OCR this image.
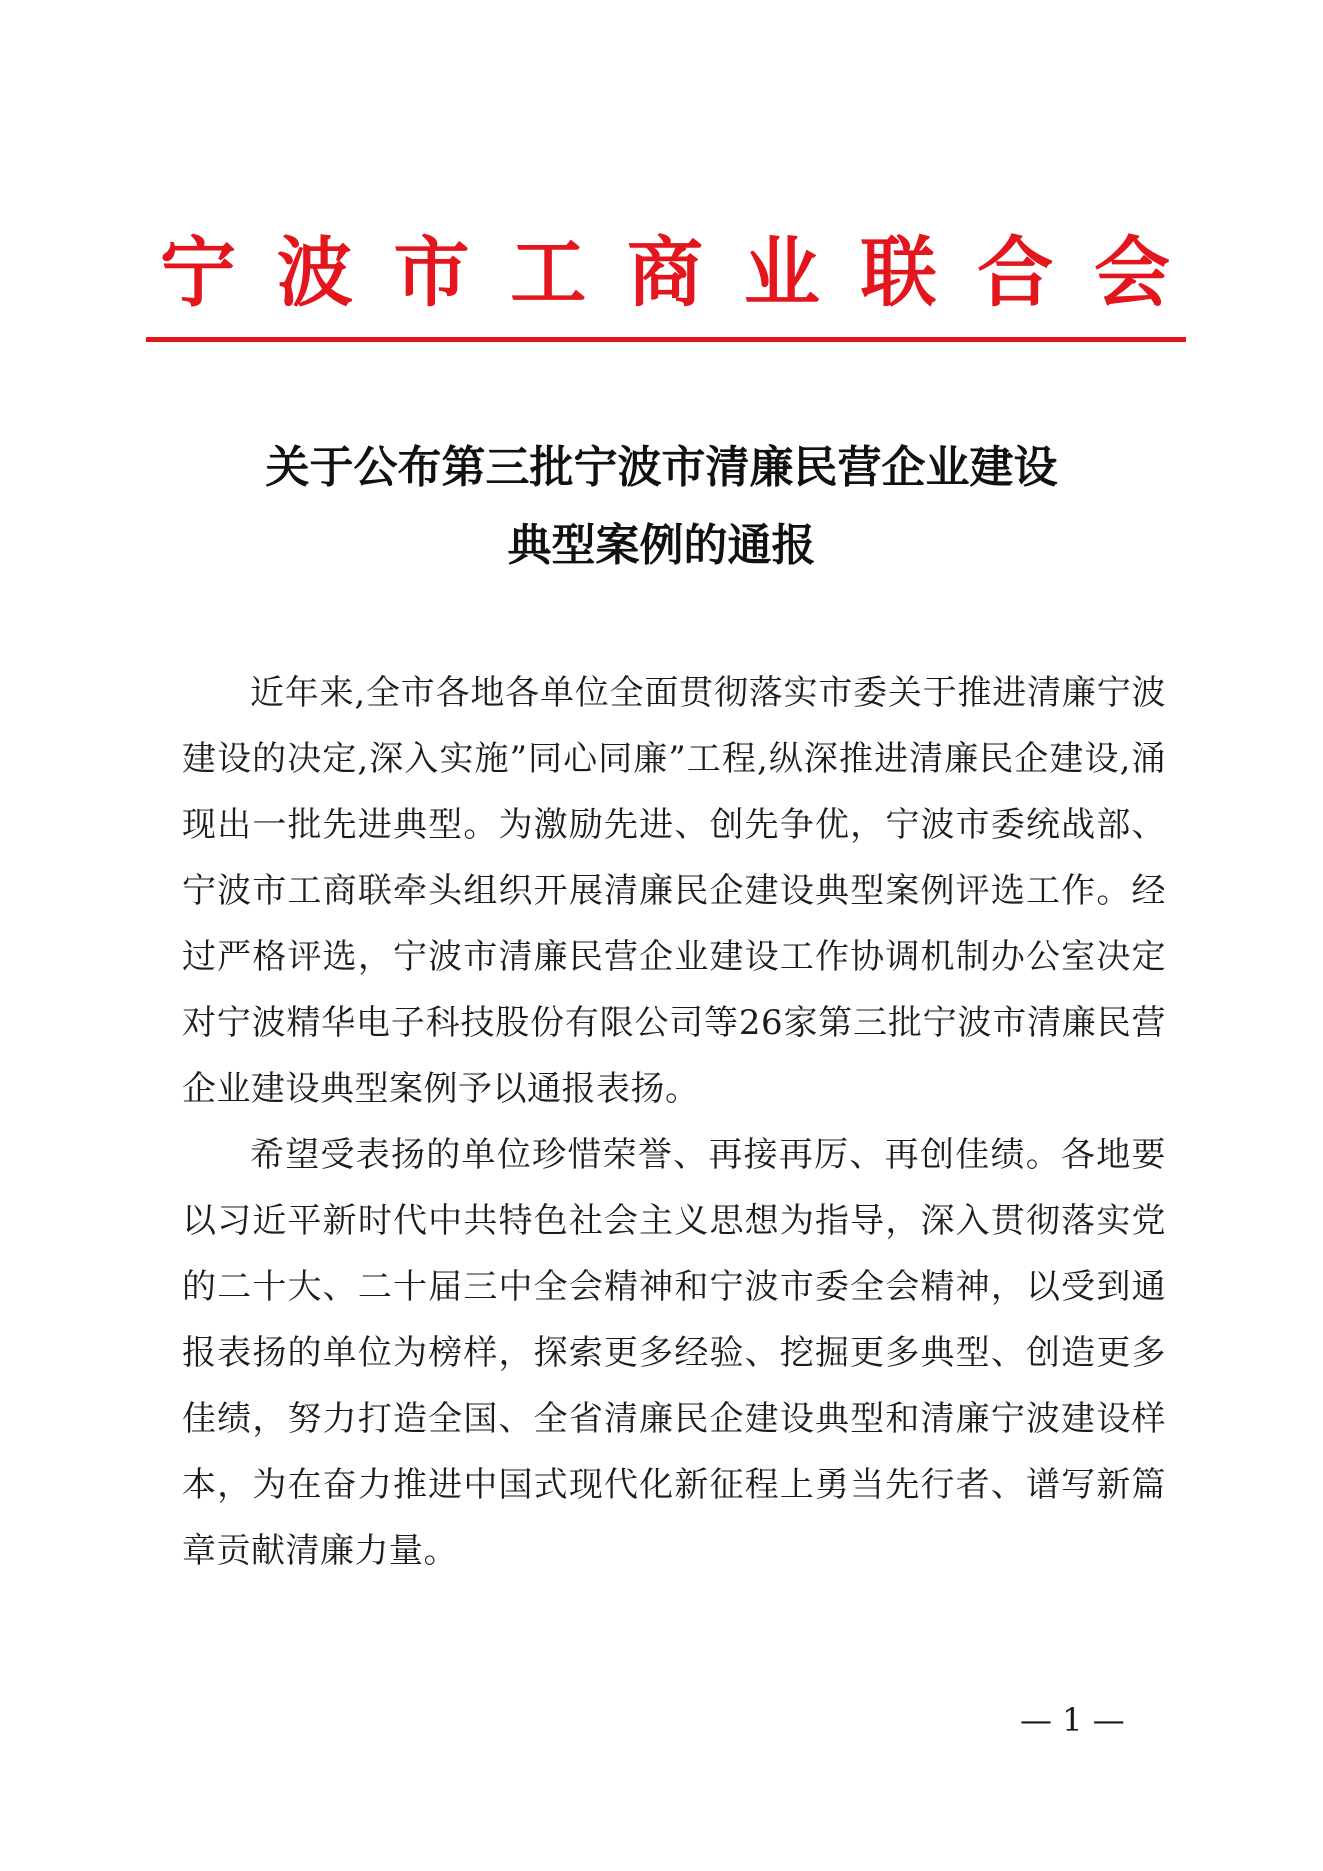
宁 波 市 工 商 业 联 合 会
关于公布第三批宁波市清廉民营企业建设
典型案例的通报

近年来,全市各地各单位全面贯彻落实市委关于推进清廉宁波建设的决定,深入实施”同心同廉”工程,纵深推进清廉民企建设,涌现出一批先进典型。为激励先进、创先争优，宁波市委统战部、宁波市工商联牵头组织开展清廉民企建设典型案例评选工作。经过严格评选，宁波市清廉民营企业建设工作协调机制办公室决定对宁波精华电子科技股份有限公司等26家第三批宁波市清廉民营企业建设典型案例予以通报表扬。

希望受表扬的单位珍惜荣誉、再接再厉、再创佳绩。各地要以习近平新时代中共特色社会主义思想为指导，深入贯彻落实党的二十大、二十届三中全会精神和宁波市委全会精神，以受到通报表扬的单位为榜样，探索更多经验、挖掘更多典型、创造更多佳绩，努力打造全国、全省清廉民企建设典型和清廉宁波建设样本，为在奋力推进中国式现代化新征程上勇当先行者、谱写新篇章贡献清廉力量。

— 1 —
